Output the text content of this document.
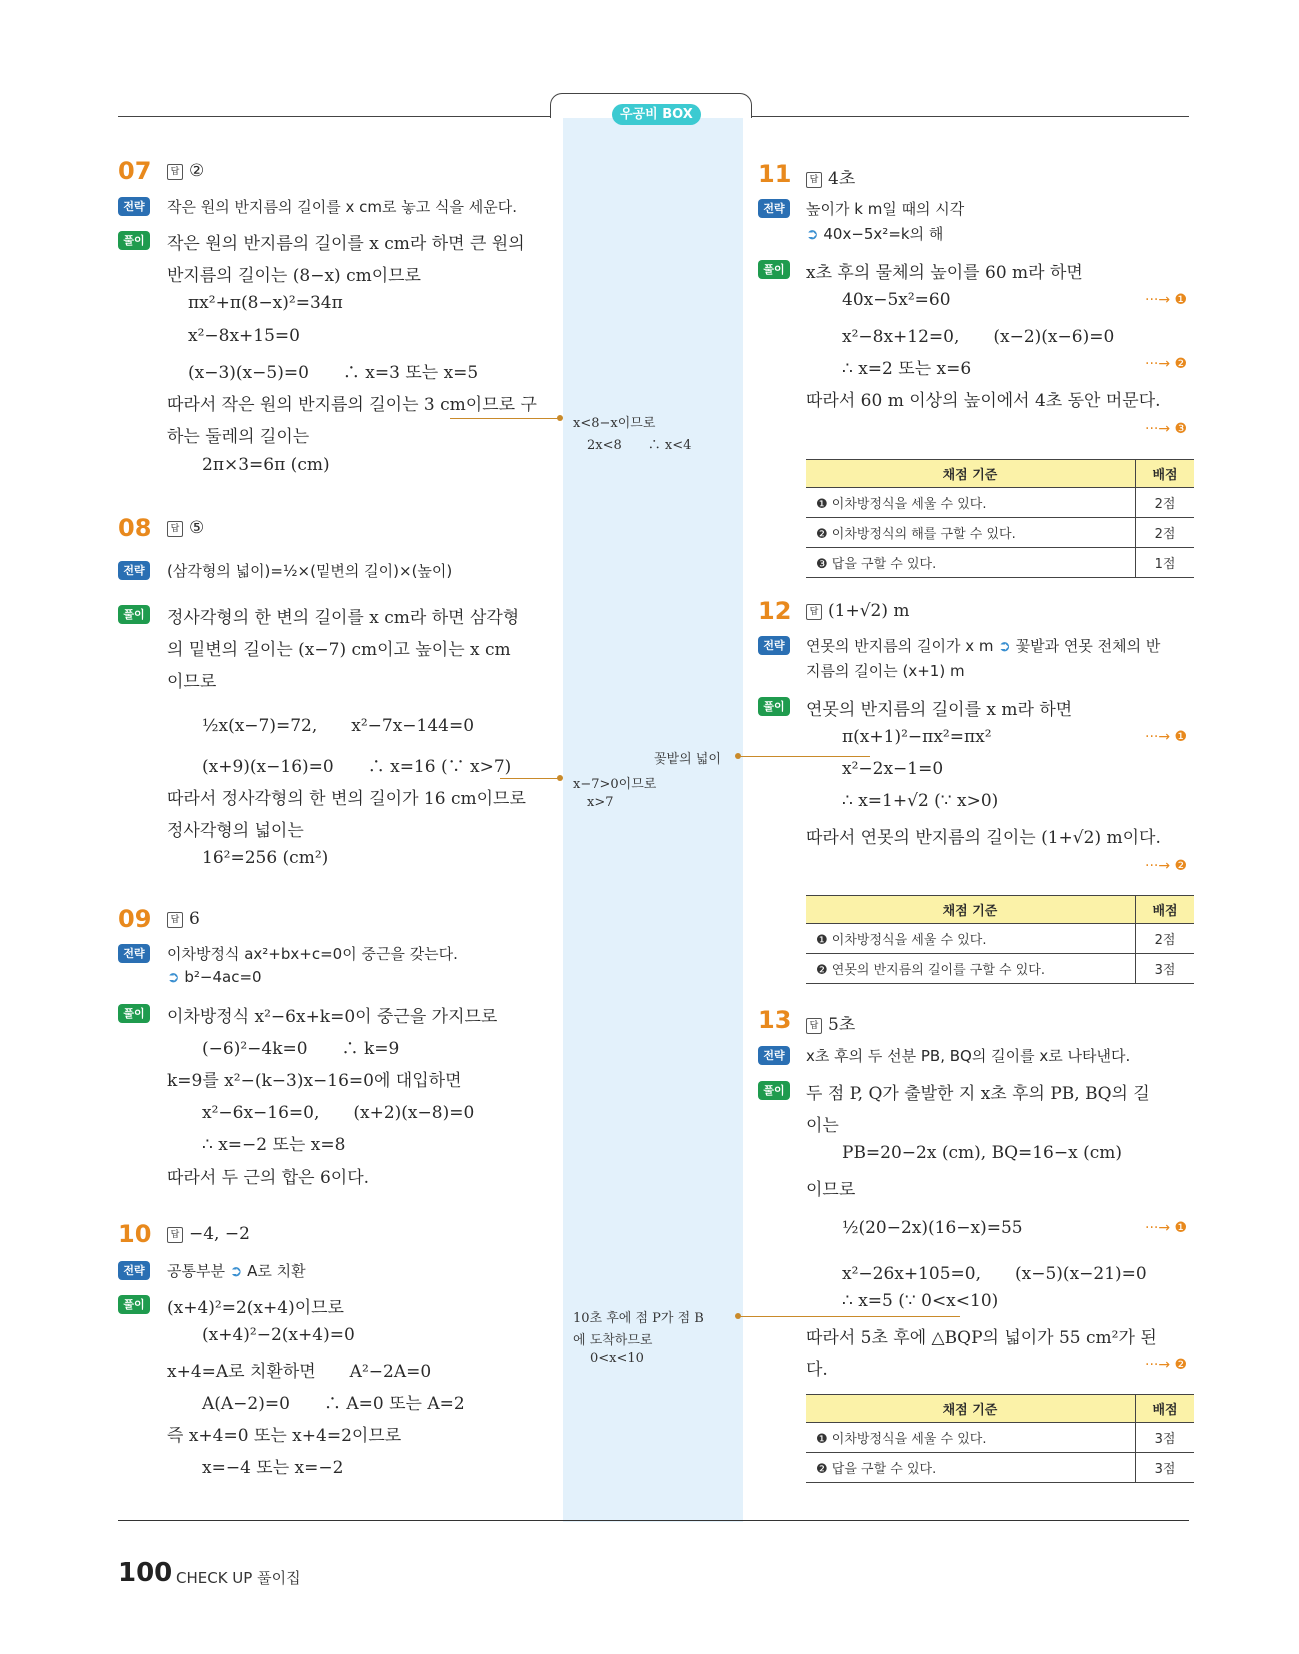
우공비 BOX
07	답 ②
전략	작은 원의 반지름의 길이를 x cm로 놓고 식을 세운다.
풀이	작은 원의 반지름의 길이를 x cm라 하면 큰 원의
반지름의 길이는 (8−x) cm이므로
πx²+π(8−x)²=34π
x²−8x+15=0
(x−3)(x−5)=0　　∴ x=3 또는 x=5
따라서 작은 원의 반지름의 길이는 3 cm이므로 구
하는 둘레의 길이는
2π×3=6π (cm)
x<8−x이므로
2x<8　　∴ x<4
08	답 ⑤
전략	(삼각형의 넓이)=½×(밑변의 길이)×(높이)
풀이	정사각형의 한 변의 길이를 x cm라 하면 삼각형
의 밑변의 길이는 (x−7) cm이고 높이는 x cm
이므로
½x(x−7)=72,　　x²−7x−144=0
(x+9)(x−16)=0　　∴ x=16 (∵ x>7)
따라서 정사각형의 한 변의 길이가 16 cm이므로
정사각형의 넓이는
16²=256 (cm²)
x−7>0이므로
x>7
09	답 6
전략	이차방정식 ax²+bx+c=0이 중근을 갖는다.
➲ b²−4ac=0
풀이	이차방정식 x²−6x+k=0이 중근을 가지므로
(−6)²−4k=0　　∴ k=9
k=9를 x²−(k−3)x−16=0에 대입하면
x²−6x−16=0,　　(x+2)(x−8)=0
∴ x=−2 또는 x=8
따라서 두 근의 합은 6이다.
10	답 −4, −2
전략	공통부분 ➲ A로 치환
풀이	(x+4)²=2(x+4)이므로
(x+4)²−2(x+4)=0
x+4=A로 치환하면　　A²−2A=0
A(A−2)=0　　∴ A=0 또는 A=2
즉 x+4=0 또는 x+4=2이므로
x=−4 또는 x=−2
10초 후에 점 P가 점 B
에 도착하므로
0<x<10
11	답 4초
전략	높이가 k m일 때의 시각
➲ 40x−5x²=k의 해
풀이	x초 후의 물체의 높이를 60 m라 하면
40x−5x²=60	···→ ❶
x²−8x+12=0,　　(x−2)(x−6)=0
∴ x=2 또는 x=6	···→ ❷
따라서 60 m 이상의 높이에서 4초 동안 머문다.
···→ ❸
채점 기준	배점
❶ 이차방정식을 세울 수 있다.	2점
❷ 이차방정식의 해를 구할 수 있다.	2점
❸ 답을 구할 수 있다.	1점
12	답 (1+√2) m
전략	연못의 반지름의 길이가 x m ➲ 꽃밭과 연못 전체의 반
지름의 길이는 (x+1) m
풀이	연못의 반지름의 길이를 x m라 하면
π(x+1)²−πx²=πx²	···→ ❶
x²−2x−1=0
∴ x=1+√2 (∵ x>0)
따라서 연못의 반지름의 길이는 (1+√2) m이다.
···→ ❷
꽃밭의 넓이
채점 기준	배점
❶ 이차방정식을 세울 수 있다.	2점
❷ 연못의 반지름의 길이를 구할 수 있다.	3점
13	답 5초
전략	x초 후의 두 선분 PB, BQ의 길이를 x로 나타낸다.
풀이	두 점 P, Q가 출발한 지 x초 후의 PB, BQ의 길
이는
PB=20−2x (cm), BQ=16−x (cm)
이므로
½(20−2x)(16−x)=55	···→ ❶
x²−26x+105=0,　　(x−5)(x−21)=0
∴ x=5 (∵ 0<x<10)
따라서 5초 후에 △BQP의 넓이가 55 cm²가 된
다.	···→ ❷
채점 기준	배점
❶ 이차방정식을 세울 수 있다.	3점
❷ 답을 구할 수 있다.	3점
100 CHECK UP 풀이집
